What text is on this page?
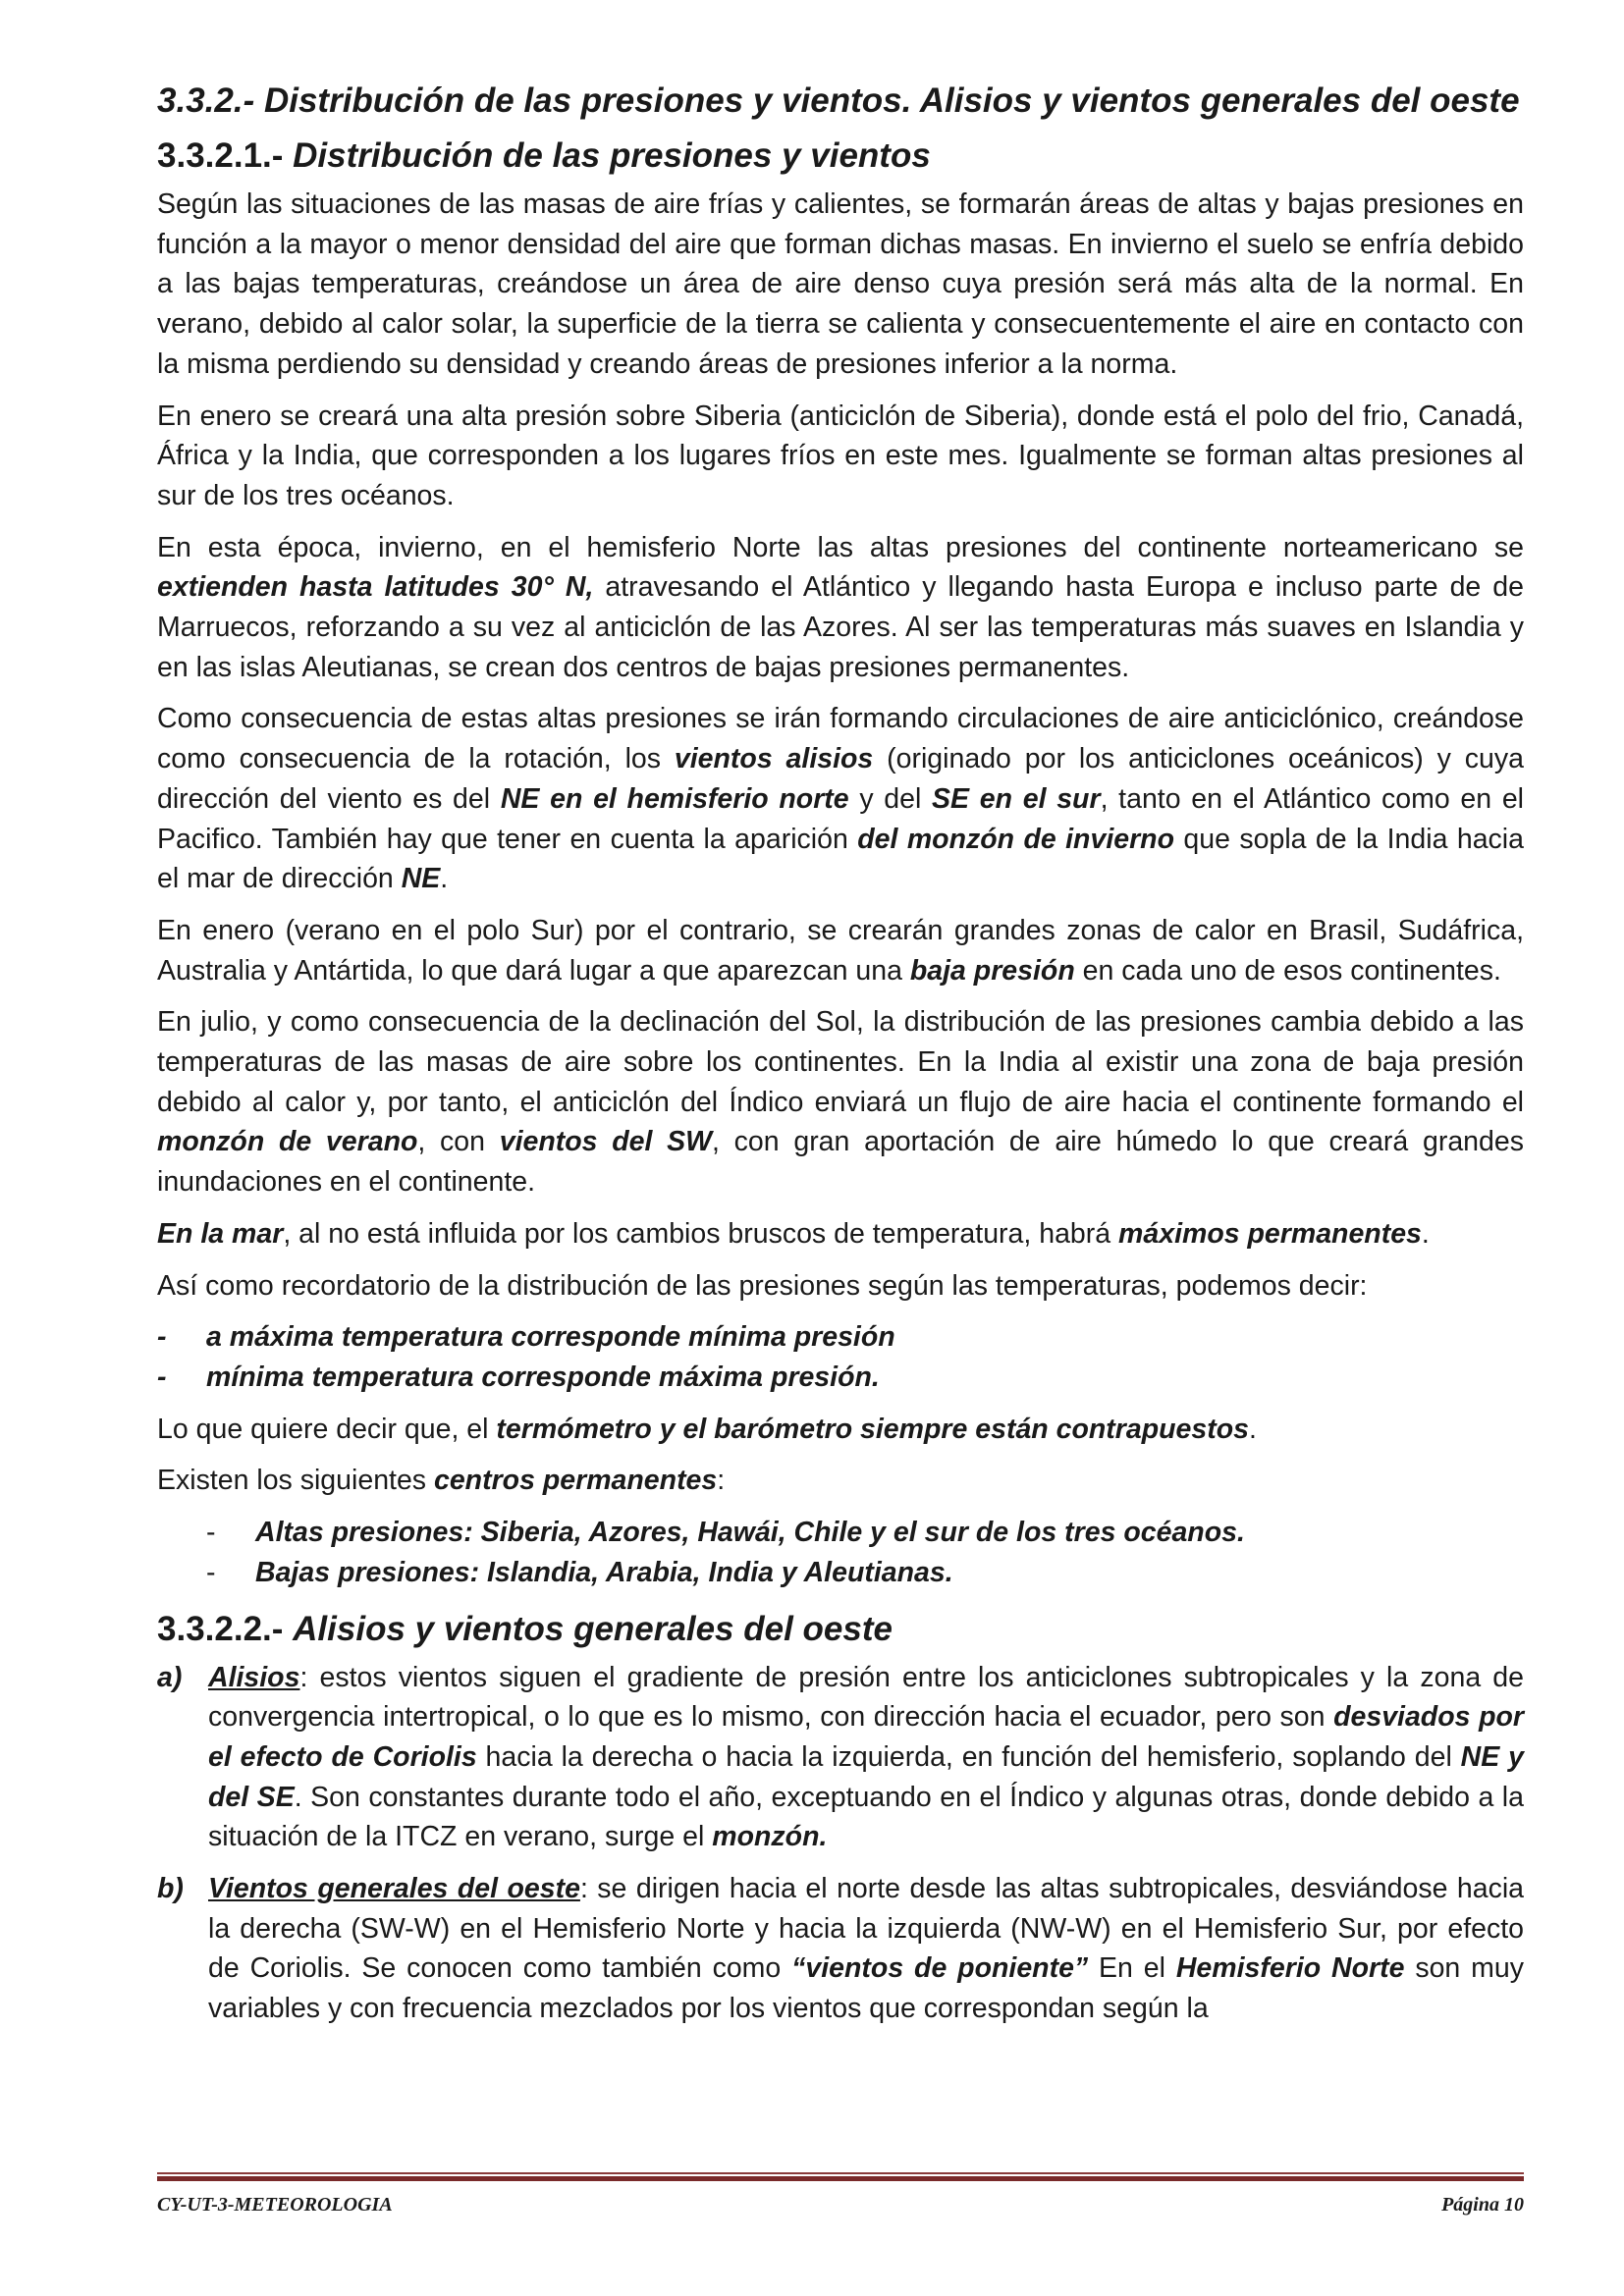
3.3.2.- Distribución de las presiones y vientos. Alisios y vientos generales del oeste
3.3.2.1.- Distribución de las presiones y vientos

Según las situaciones de las masas de aire frías y calientes, se formarán áreas de altas y bajas presiones en función a la mayor o menor densidad del aire que forman dichas masas. En invierno el suelo se enfría debido a las bajas temperaturas, creándose un área de aire denso cuya presión será más alta de la normal. En verano, debido al calor solar, la superficie de la tierra se calienta y consecuentemente el aire en contacto con la misma perdiendo su densidad y creando áreas de presiones inferior a la norma.

En enero se creará una alta presión sobre Siberia (anticiclón de Siberia), donde está el polo del frio, Canadá, África y la India, que corresponden a los lugares fríos en este mes. Igualmente se forman altas presiones al sur de los tres océanos.

En esta época, invierno, en el hemisferio Norte las altas presiones del continente norteamericano se extienden hasta latitudes 30° N, atravesando el Atlántico y llegando hasta Europa e incluso parte de de Marruecos, reforzando a su vez al anticiclón de las Azores. Al ser las temperaturas más suaves en Islandia y en las islas Aleutianas, se crean dos centros de bajas presiones permanentes.

Como consecuencia de estas altas presiones se irán formando circulaciones de aire anticiclónico, creándose como consecuencia de la rotación, los vientos alisios (originado por los anticiclones oceánicos) y cuya dirección del viento es del NE en el hemisferio norte y del SE en el sur, tanto en el Atlántico como en el Pacifico. También hay que tener en cuenta la aparición del monzón de invierno que sopla de la India hacia el mar de dirección NE.

En enero (verano en el polo Sur) por el contrario, se crearán grandes zonas de calor en Brasil, Sudáfrica, Australia y Antártida, lo que dará lugar a que aparezcan una baja presión en cada uno de esos continentes.

En julio, y como consecuencia de la declinación del Sol, la distribución de las presiones cambia debido a las temperaturas de las masas de aire sobre los continentes. En la India al existir una zona de baja presión debido al calor y, por tanto, el anticiclón del Índico enviará un flujo de aire hacia el continente formando el monzón de verano, con vientos del SW, con gran aportación de aire húmedo lo que creará grandes inundaciones en el continente.

En la mar, al no está influida por los cambios bruscos de temperatura, habrá máximos permanentes.

Así como recordatorio de la distribución de las presiones según las temperaturas, podemos decir:

-	a máxima temperatura corresponde mínima presión
-	mínima temperatura corresponde máxima presión.

Lo que quiere decir que, el termómetro y el barómetro siempre están contrapuestos.

Existen los siguientes centros permanentes:

-	Altas presiones: Siberia, Azores, Hawái, Chile y el sur de los tres océanos.
-	Bajas presiones: Islandia, Arabia, India y Aleutianas.
3.3.2.2.- Alisios y vientos generales del oeste
a) Alisios: estos vientos siguen el gradiente de presión entre los anticiclones subtropicales y la zona de convergencia intertropical, o lo que es lo mismo, con dirección hacia el ecuador, pero son desviados por el efecto de Coriolis hacia la derecha o hacia la izquierda, en función del hemisferio, soplando del NE y del SE. Son constantes durante todo el año, exceptuando en el Índico y algunas otras, donde debido a la situación de la ITCZ en verano, surge el monzón.

b) Vientos generales del oeste: se dirigen hacia el norte desde las altas subtropicales, desviándose hacia la derecha (SW-W) en el Hemisferio Norte y hacia la izquierda (NW-W) en el Hemisferio Sur, por efecto de Coriolis. Se conocen como también como “vientos de poniente” En el Hemisferio Norte son muy variables y con frecuencia mezclados por los vientos que correspondan según la

CY-UT-3-METEOROLOGIA	Página 10
